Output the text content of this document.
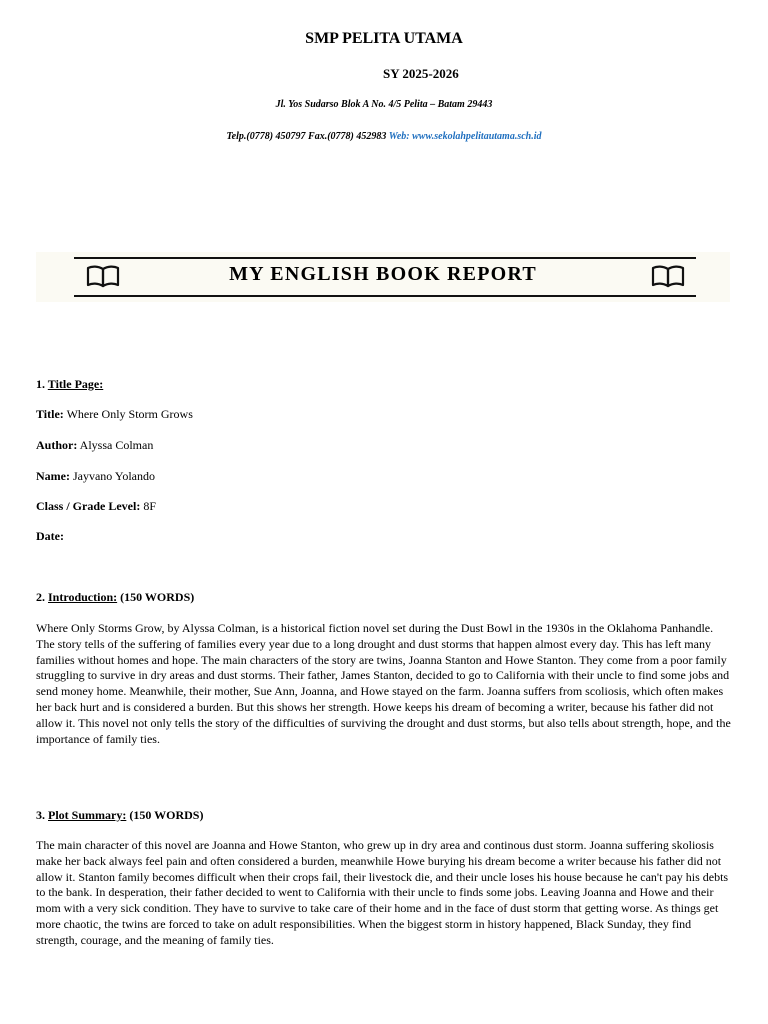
SMP PELITA UTAMA
SY 2025-2026
Jl. Yos Sudarso Blok A No. 4/5 Pelita – Batam 29443
Telp.(0778) 450797 Fax.(0778) 452983 Web: www.sekolahpelitautama.sch.id
MY ENGLISH BOOK REPORT
1. Title Page:
Title: Where Only Storm Grows
Author: Alyssa Colman
Name: Jayvano Yolando
Class / Grade Level: 8F
Date:
2. Introduction: (150 WORDS)
Where Only Storms Grow, by Alyssa Colman, is a historical fiction novel set during the Dust Bowl in the 1930s in the Oklahoma Panhandle. The story tells of the suffering of families every year due to a long drought and dust storms that happen almost every day. This has left many families without homes and hope. The main characters of the story are twins, Joanna Stanton and Howe Stanton. They come from a poor family struggling to survive in dry areas and dust storms. Their father, James Stanton, decided to go to California with their uncle to find some jobs and send money home. Meanwhile, their mother, Sue Ann, Joanna, and Howe stayed on the farm. Joanna suffers from scoliosis, which often makes her back hurt and is considered a burden. But this shows her strength. Howe keeps his dream of becoming a writer, because his father did not allow it. This novel not only tells the story of the difficulties of surviving the drought and dust storms, but also tells about strength, hope, and the importance of family ties.
3. Plot Summary: (150 WORDS)
The main character of this novel are Joanna and Howe Stanton, who grew up in dry area and continous dust storm. Joanna suffering skoliosis make her back always feel pain and often considered a burden, meanwhile Howe burying his dream become a writer because his father did not allow it. Stanton family becomes difficult when their crops fail, their livestock die, and their uncle loses his house because he can't pay his debts to the bank. In desperation, their father decided to went to California with their uncle to finds some jobs. Leaving Joanna and Howe and their mom with a very sick condition. They have to survive to take care of their home and in the face of dust storm that getting worse. As things get more chaotic, the twins are forced to take on adult responsibilities. When the biggest storm in history happened, Black Sunday, they find strength, courage, and the meaning of family ties.
